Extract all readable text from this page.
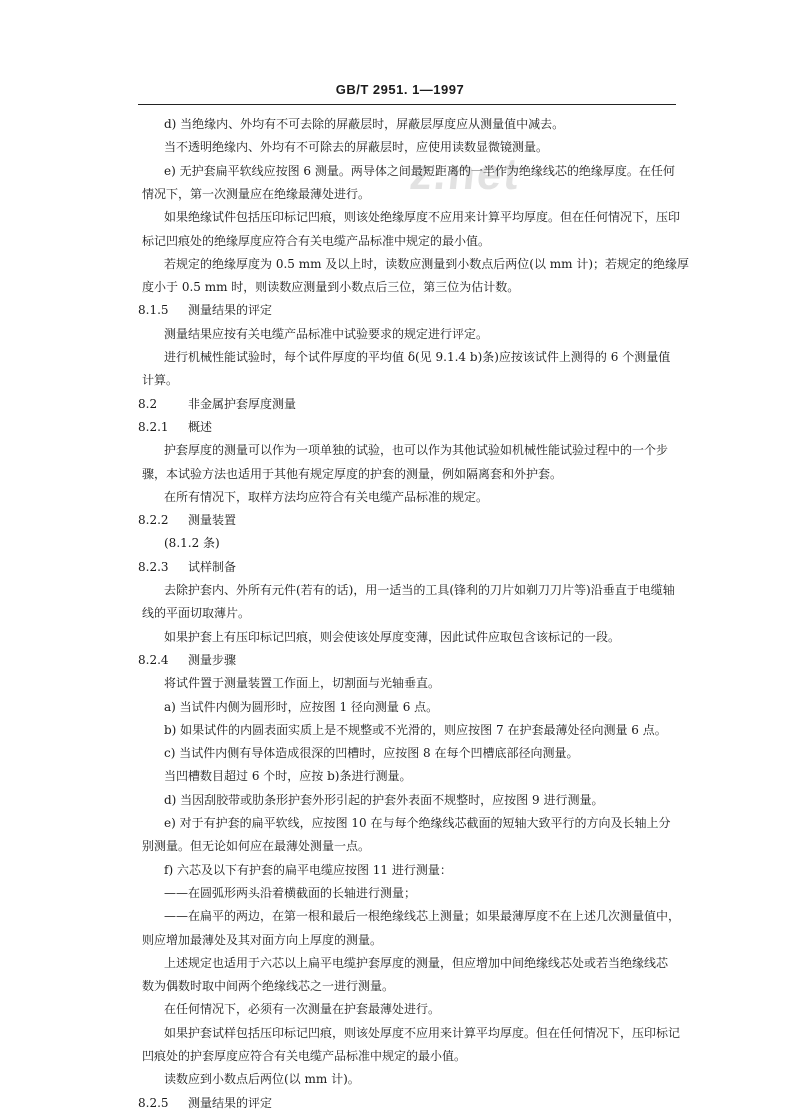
z.net
GB/T 2951. 1—1997
d) 当绝缘内、外均有不可去除的屏蔽层时，屏蔽层厚度应从测量值中减去。
当不透明绝缘内、外均有不可除去的屏蔽层时，应使用读数显微镜测量。
e) 无护套扁平软线应按图 6 测量。两导体之间最短距离的一半作为绝缘线芯的绝缘厚度。在任何
情况下，第一次测量应在绝缘最薄处进行。
如果绝缘试件包括压印标记凹痕，则该处绝缘厚度不应用来计算平均厚度。但在任何情况下，压印
标记凹痕处的绝缘厚度应符合有关电缆产品标准中规定的最小值。
若规定的绝缘厚度为 0.5 mm 及以上时，读数应测量到小数点后两位(以 mm 计)；若规定的绝缘厚
度小于 0.5 mm 时，则读数应测量到小数点后三位，第三位为估计数。
8.1.5 测量结果的评定
测量结果应按有关电缆产品标准中试验要求的规定进行评定。
进行机械性能试验时，每个试件厚度的平均值 δ(见 9.1.4 b)条)应按该试件上测得的 6 个测量值
计算。
8.2	非金属护套厚度测量
8.2.1 概述
护套厚度的测量可以作为一项单独的试验，也可以作为其他试验如机械性能试验过程中的一个步
骤，本试验方法也适用于其他有规定厚度的护套的测量，例如隔离套和外护套。
在所有情况下，取样方法均应符合有关电缆产品标准的规定。
8.2.2 测量装置
(8.1.2 条)
8.2.3 试样制备
去除护套内、外所有元件(若有的话)，用一适当的工具(锋利的刀片如剃刀刀片等)沿垂直于电缆轴
线的平面切取薄片。
如果护套上有压印标记凹痕，则会使该处厚度变薄，因此试件应取包含该标记的一段。
8.2.4 测量步骤
将试件置于测量装置工作面上，切割面与光轴垂直。
a) 当试件内侧为圆形时，应按图 1 径向测量 6 点。
b) 如果试件的内圆表面实质上是不规整或不光滑的，则应按图 7 在护套最薄处径向测量 6 点。
c) 当试件内侧有导体造成很深的凹槽时，应按图 8 在每个凹槽底部径向测量。
当凹槽数目超过 6 个时，应按 b)条进行测量。
d) 当因刮胶带或肋条形护套外形引起的护套外表面不规整时，应按图 9 进行测量。
e) 对于有护套的扁平软线，应按图 10 在与每个绝缘线芯截面的短轴大致平行的方向及长轴上分
别测量。但无论如何应在最薄处测量一点。
f) 六芯及以下有护套的扁平电缆应按图 11 进行测量：
——在圆弧形两头沿着横截面的长轴进行测量；
——在扁平的两边，在第一根和最后一根绝缘线芯上测量；如果最薄厚度不在上述几次测量值中，
则应增加最薄处及其对面方向上厚度的测量。
上述规定也适用于六芯以上扁平电缆护套厚度的测量，但应增加中间绝缘线芯处或若当绝缘线芯
数为偶数时取中间两个绝缘线芯之一进行测量。
在任何情况下，必须有一次测量在护套最薄处进行。
如果护套试样包括压印标记凹痕，则该处厚度不应用来计算平均厚度。但在任何情况下，压印标记
凹痕处的护套厚度应符合有关电缆产品标准中规定的最小值。
读数应到小数点后两位(以 mm 计)。
8.2.5 测量结果的评定
